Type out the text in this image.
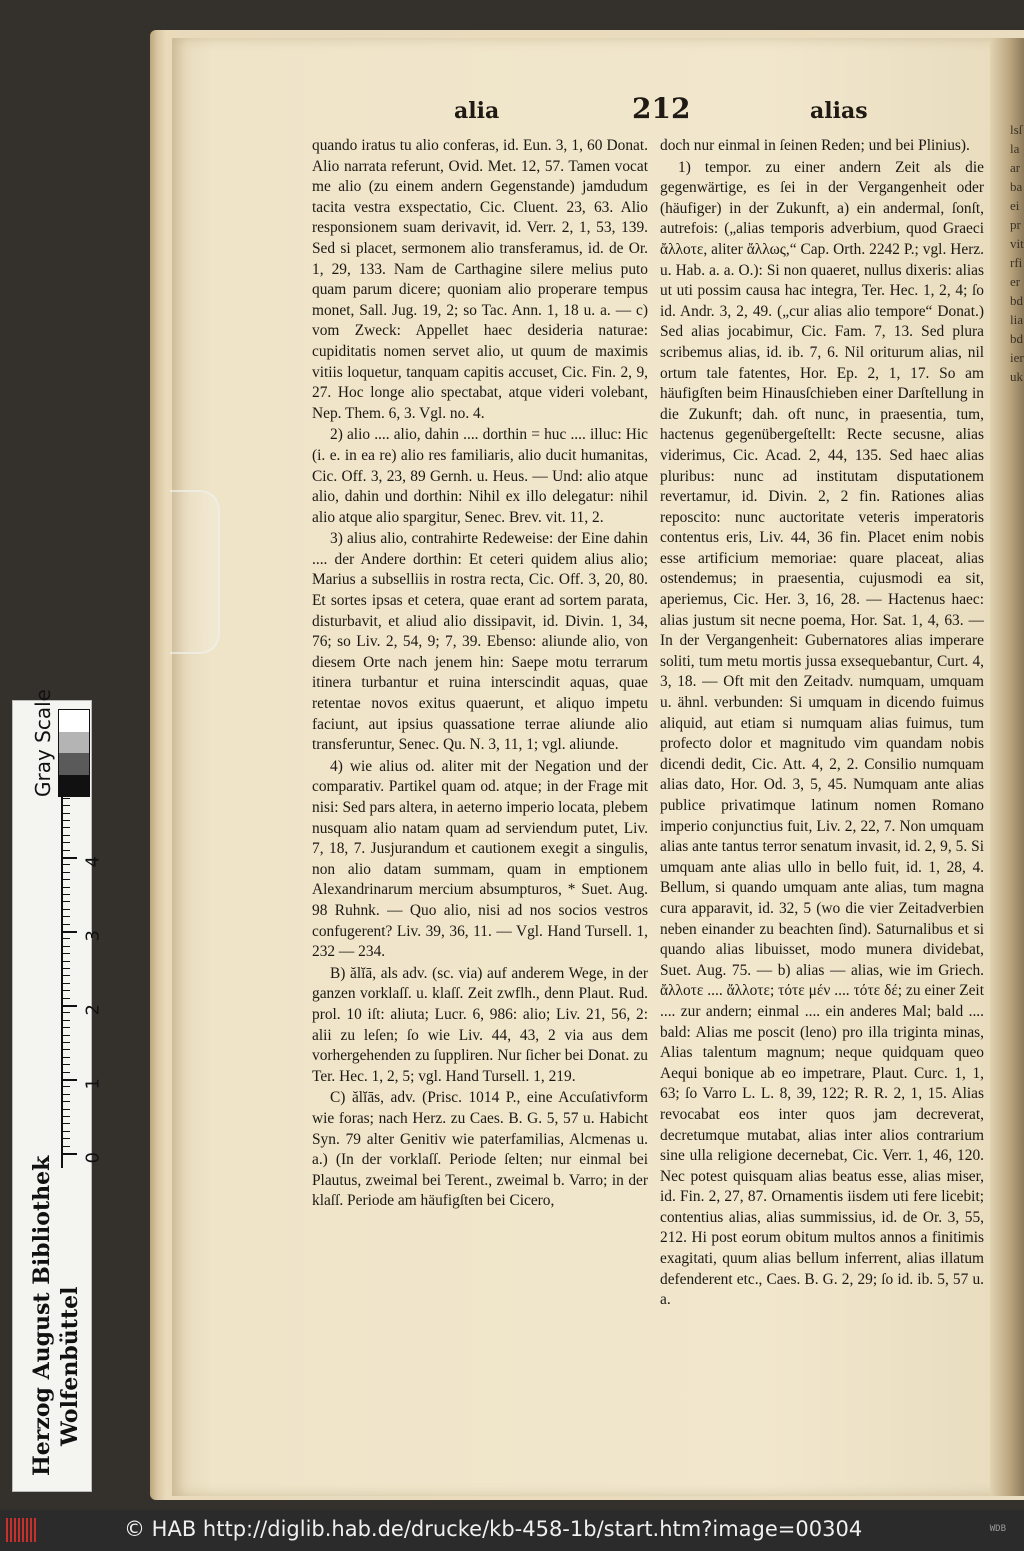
alia	212	alias

quando iratus tu alio conferas, id. Eun. 3, 1, 60 Donat. Alio narrata referunt, Ovid. Met. 12, 57. Tamen vocat me alio (zu einem andern Gegenstande) jamdudum tacita vestra exspectatio, Cic. Cluent. 23, 63. Alio responsionem suam derivavit, id. Verr. 2, 1, 53, 139. Sed si placet, sermonem alio transferamus, id. de Or. 1, 29, 133. Nam de Carthagine silere melius puto quam parum dicere; quoniam alio properare tempus monet, Sall. Jug. 19, 2; so Tac. Ann. 1, 18 u. a. — c) vom Zweck: Appellet haec desideria naturae: cupiditatis nomen servet alio, ut quum de maximis vitiis loquetur, tanquam capitis accuset, Cic. Fin. 2, 9, 27. Hoc longe alio spectabat, atque videri volebant, Nep. Them. 6, 3. Vgl. no. 4.

2) alio .... alio, dahin .... dorthin = huc .... illuc: Hic (i. e. in ea re) alio res familiaris, alio ducit humanitas, Cic. Off. 3, 23, 89 Gernh. u. Heus. — Und: alio atque alio, dahin und dorthin: Nihil ex illo delegatur: nihil alio atque alio spargitur, Senec. Brev. vit. 11, 2.

3) alius alio, contrahirte Redeweise: der Eine dahin .... der Andere dorthin: Et ceteri quidem alius alio; Marius a subselliis in rostra recta, Cic. Off. 3, 20, 80. Et sortes ipsas et cetera, quae erant ad sortem parata, disturbavit, et aliud alio dissipavit, id. Divin. 1, 34, 76; so Liv. 2, 54, 9; 7, 39. Ebenso: aliunde alio, von diesem Orte nach jenem hin: Saepe motu terrarum itinera turbantur et ruina interscindit aquas, quae retentae novos exitus quaerunt, et aliquo impetu faciunt, aut ipsius quassatione terrae aliunde alio transferuntur, Senec. Qu. N. 3, 11, 1; vgl. aliunde.

4) wie alius od. aliter mit der Negation und der comparativ. Partikel quam od. atque; in der Frage mit nisi: Sed pars altera, in aeterno imperio locata, plebem nusquam alio natam quam ad serviendum putet, Liv. 7, 18, 7. Jusjurandum et cautionem exegit a singulis, non alio datam summam, quam in emptionem Alexandrinarum mercium absumpturos, * Suet. Aug. 98 Ruhnk. — Quo alio, nisi ad nos socios vestros confugerent? Liv. 39, 36, 11. — Vgl. Hand Tursell. 1, 232 — 234.

B) ălĭā, als adv. (sc. via) auf anderem Wege, in der ganzen vorklaſſ. u. klaſſ. Zeit zwflh., denn Plaut. Rud. prol. 10 iſt: aliuta; Lucr. 6, 986: alio; Liv. 21, 56, 2: alii zu leſen; ſo wie Liv. 44, 43, 2 via aus dem vorhergehenden zu ſuppliren. Nur ſicher bei Donat. zu Ter. Hec. 1, 2, 5; vgl. Hand Tursell. 1, 219.

C) ălĭās, adv. (Prisc. 1014 P., eine Accuſativform wie foras; nach Herz. zu Caes. B. G. 5, 57 u. Habicht Syn. 79 alter Genitiv wie paterfamilias, Alcmenas u. a.) (In der vorklaſſ. Periode ſelten; nur einmal bei Plautus, zweimal bei Terent., zweimal b. Varro; in der klaſſ. Periode am häufigſten bei Cicero,

doch nur einmal in ſeinen Reden; und bei Plinius).

1) tempor. zu einer andern Zeit als die gegenwärtige, es ſei in der Vergangenheit oder (häufiger) in der Zukunft, a) ein andermal, ſonſt, autrefois: („alias temporis adverbium, quod Graeci ἄλλοτε, aliter ἄλλως,“ Cap. Orth. 2242 P.; vgl. Herz. u. Hab. a. a. O.): Si non quaeret, nullus dixeris: alias ut uti possim causa hac integra, Ter. Hec. 1, 2, 4; ſo id. Andr. 3, 2, 49. („cur alias alio tempore“ Donat.) Sed alias jocabimur, Cic. Fam. 7, 13. Sed plura scribemus alias, id. ib. 7, 6. Nil oriturum alias, nil ortum tale fatentes, Hor. Ep. 2, 1, 17. So am häufigſten beim Hinausſchieben einer Darſtellung in die Zukunft; dah. oft nunc, in praesentia, tum, hactenus gegenübergeſtellt: Recte secusne, alias viderimus, Cic. Acad. 2, 44, 135. Sed haec alias pluribus: nunc ad institutam disputationem revertamur, id. Divin. 2, 2 fin. Rationes alias reposcito: nunc auctoritate veteris imperatoris contentus eris, Liv. 44, 36 fin. Placet enim nobis esse artificium memoriae: quare placeat, alias ostendemus; in praesentia, cujusmodi ea sit, aperiemus, Cic. Her. 3, 16, 28. — Hactenus haec: alias justum sit necne poema, Hor. Sat. 1, 4, 63. — In der Vergangenheit: Gubernatores alias imperare soliti, tum metu mortis jussa exsequebantur, Curt. 4, 3, 18. — Oft mit den Zeitadv. numquam, umquam u. ähnl. verbunden: Si umquam in dicendo fuimus aliquid, aut etiam si numquam alias fuimus, tum profecto dolor et magnitudo vim quandam nobis dicendi dedit, Cic. Att. 4, 2, 2. Consilio numquam alias dato, Hor. Od. 3, 5, 45. Numquam ante alias publice privatimque latinum nomen Romano imperio conjunctius fuit, Liv. 2, 22, 7. Non umquam alias ante tantus terror senatum invasit, id. 2, 9, 5. Si umquam ante alias ullo in bello fuit, id. 1, 28, 4. Bellum, si quando umquam ante alias, tum magna cura apparavit, id. 32, 5 (wo die vier Zeitadverbien neben einander zu beachten ſind). Saturnalibus et si quando alias libuisset, modo munera dividebat, Suet. Aug. 75. — b) alias — alias, wie im Griech. ἄλλοτε .... ἄλλοτε; τότε μέν .... τότε δέ; zu einer Zeit .... zur andern; einmal .... ein anderes Mal; bald .... bald: Alias me poscit (leno) pro illa triginta minas, Alias talentum magnum; neque quidquam queo Aequi bonique ab eo impetrare, Plaut. Curc. 1, 1, 63; ſo Varro L. L. 8, 39, 122; R. R. 2, 1, 15. Alias revocabat eos inter quos jam decreverat, decretumque mutabat, alias inter alios contrarium sine ulla religione decernebat, Cic. Verr. 1, 46, 120. Nec potest quisquam alias beatus esse, alias miser, id. Fin. 2, 27, 87. Ornamentis iisdem uti fere licebit; contentius alias, alias summissius, id. de Or. 3, 55, 212. Hi post eorum obitum multos annos a finitimis exagitati, quum alias bellum inferrent, alias illatum defenderent etc., Caes. B. G. 2, 29; ſo id. ib. 5, 57 u. a.

lsſlaarbaeiprvitrfierbdliabdieruk
Gray Scale
0
1
2
3
4
Herzog August Bibliothek Wolfenbüttel
© HAB http://diglib.hab.de/drucke/kb-458-1b/start.htm?image=00304	WDB
